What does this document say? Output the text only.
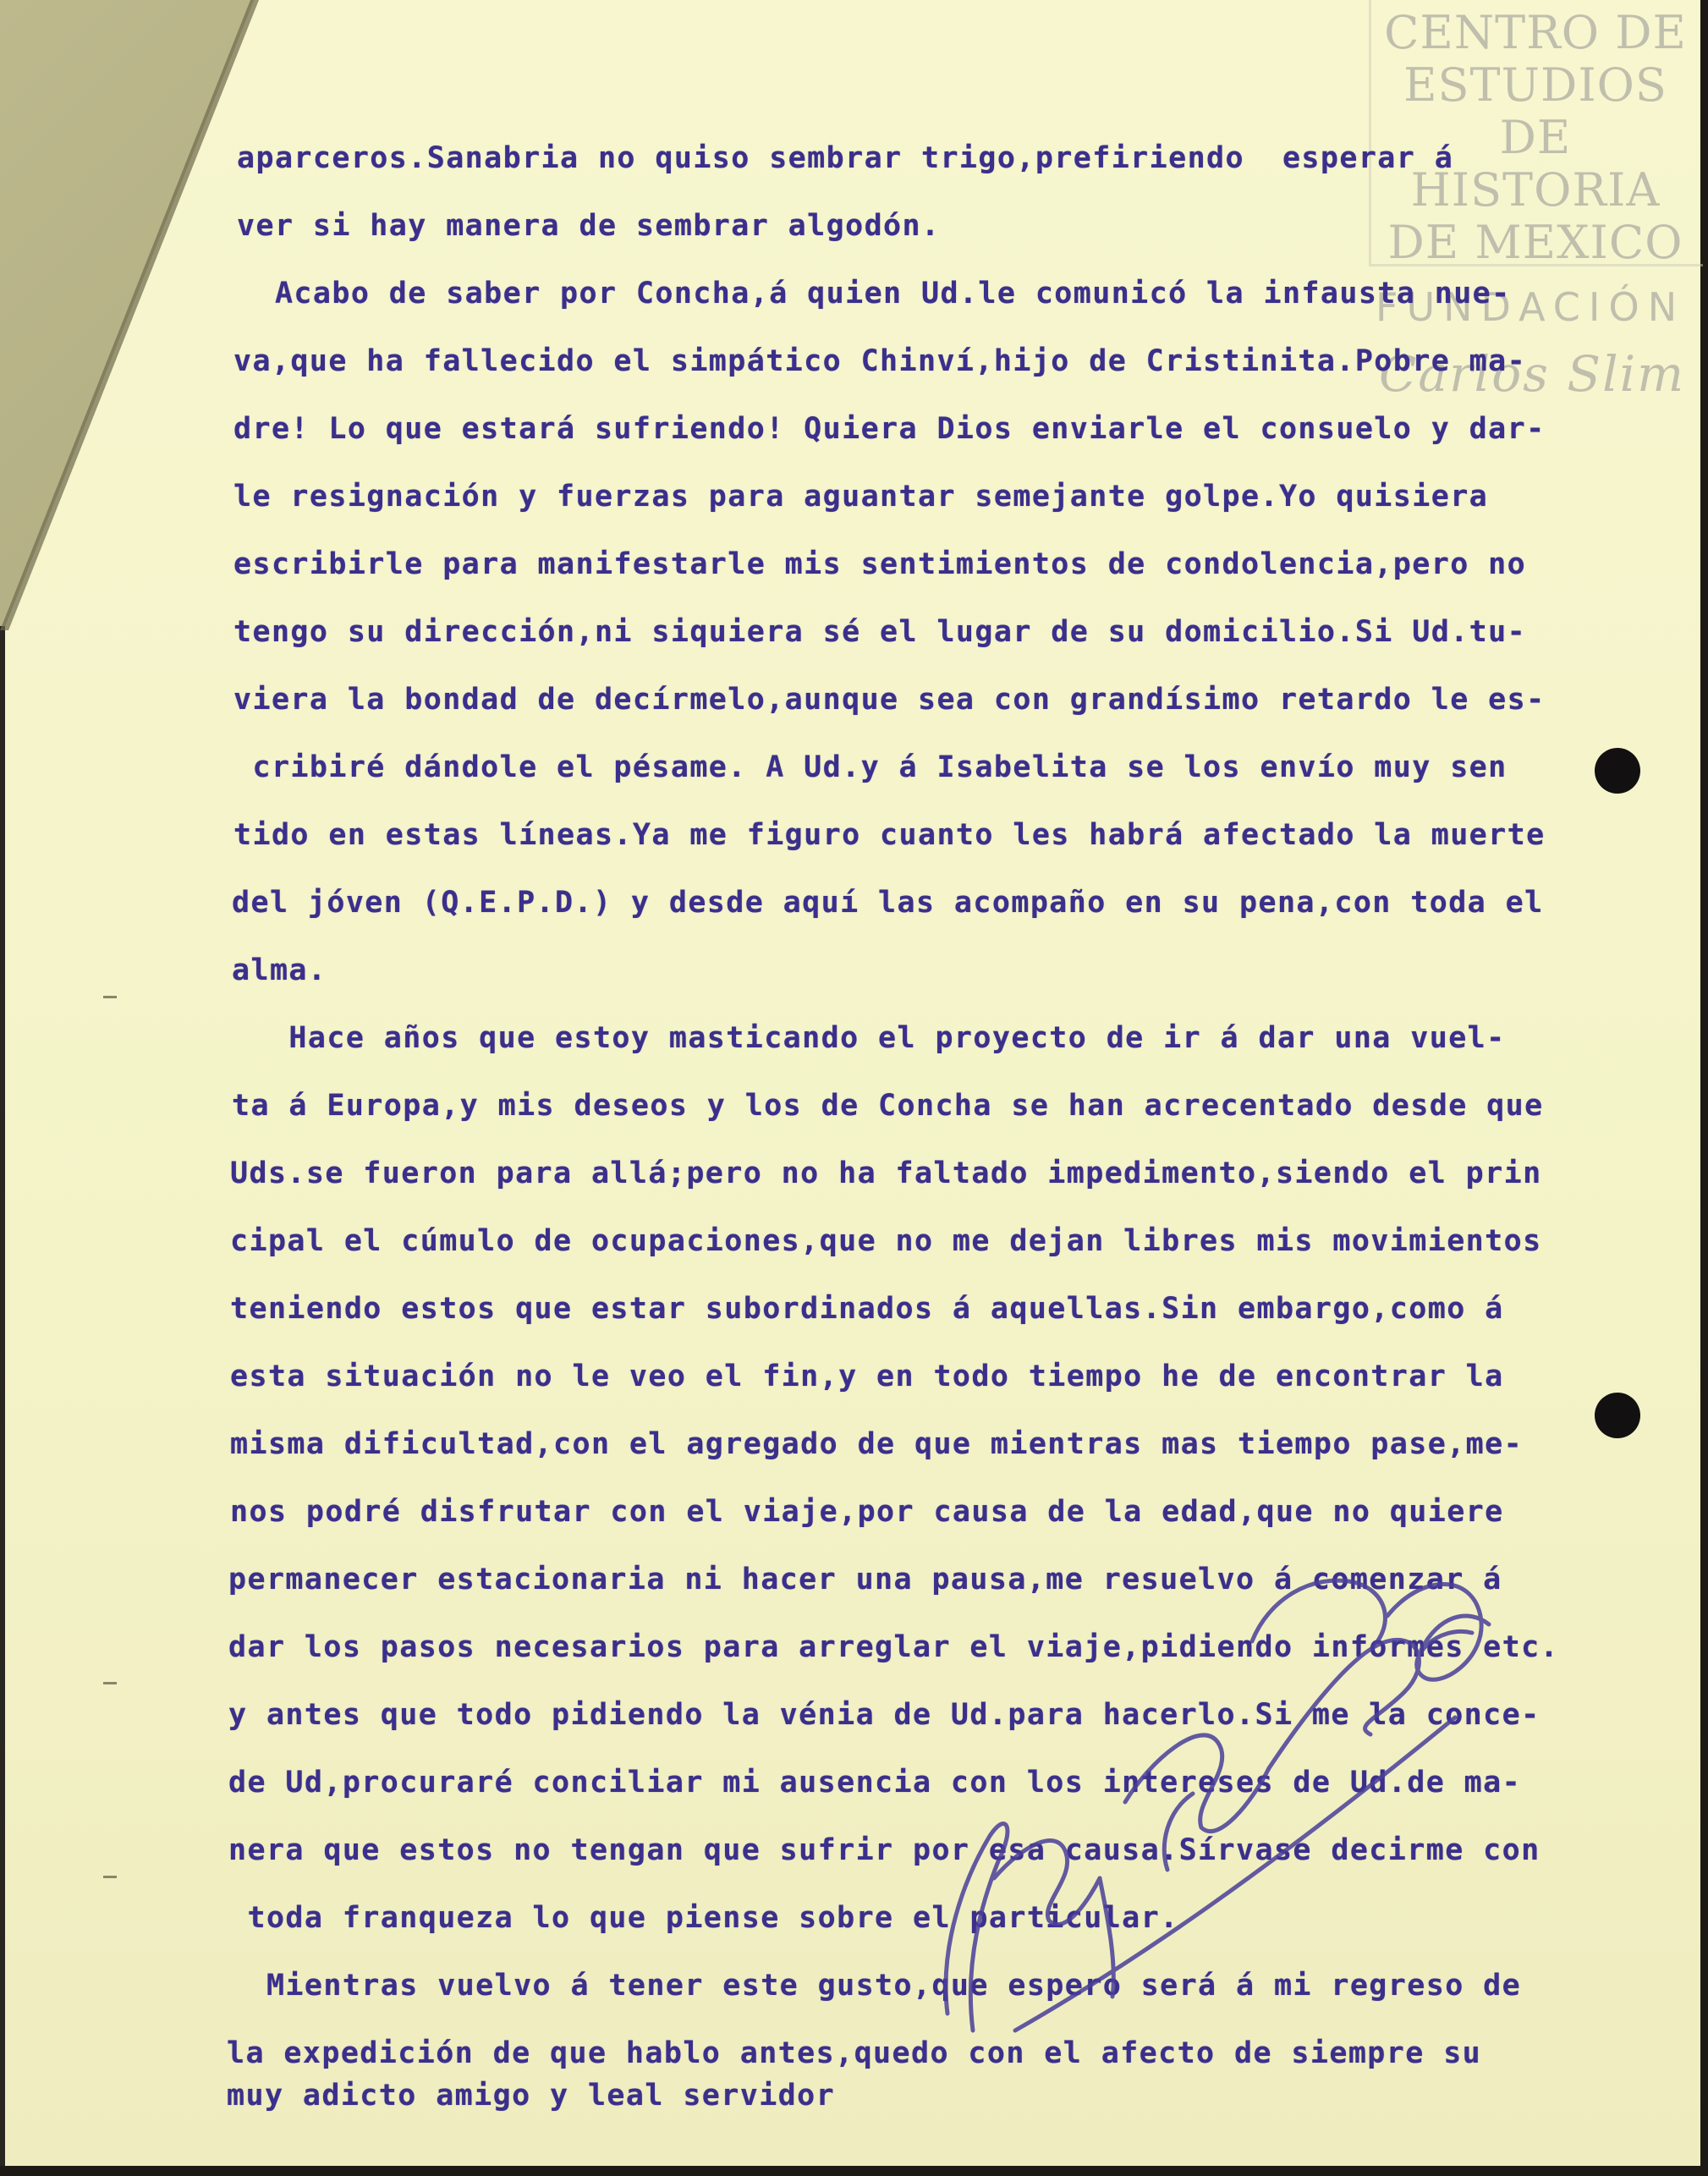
CENTRO DE
ESTUDIOS
DE HISTORIA
DE MEXICO
FUNDACIÓN
Carlos Slim
aparceros.Sanabria no quiso sembrar trigo,prefiriendo  esperar á
ver si hay manera de sembrar algodón.
Acabo de saber por Concha,á quien Ud.le comunicó la infausta nue-
va,que ha fallecido el simpático Chinví,hijo de Cristinita.Pobre ma-
dre! Lo que estará sufriendo! Quiera Dios enviarle el consuelo y dar-
le resignación y fuerzas para aguantar semejante golpe.Yo quisiera
escribirle para manifestarle mis sentimientos de condolencia,pero no
tengo su dirección,ni siquiera sé el lugar de su domicilio.Si Ud.tu-
viera la bondad de decírmelo,aunque sea con grandísimo retardo le es-
cribiré dándole el pésame. A Ud.y á Isabelita se los envío muy sen
tido en estas líneas.Ya me figuro cuanto les habrá afectado la muerte
del jóven (Q.E.P.D.) y desde aquí las acompaño en su pena,con toda el
alma.
Hace años que estoy masticando el proyecto de ir á dar una vuel-
ta á Europa,y mis deseos y los de Concha se han acrecentado desde que
Uds.se fueron para allá;pero no ha faltado impedimento,siendo el prin
cipal el cúmulo de ocupaciones,que no me dejan libres mis movimientos
teniendo estos que estar subordinados á aquellas.Sin embargo,como á
esta situación no le veo el fin,y en todo tiempo he de encontrar la
misma dificultad,con el agregado de que mientras mas tiempo pase,me-
nos podré disfrutar con el viaje,por causa de la edad,que no quiere
permanecer estacionaria ni hacer una pausa,me resuelvo á comenzar á
dar los pasos necesarios para arreglar el viaje,pidiendo informes etc.
y antes que todo pidiendo la vénia de Ud.para hacerlo.Si me la conce-
de Ud,procuraré conciliar mi ausencia con los intereses de Ud.de ma-
nera que estos no tengan que sufrir por esa causa.Sírvase decirme con
toda franqueza lo que piense sobre el particular.
Mientras vuelvo á tener este gusto,que espero será á mi regreso de
la expedición de que hablo antes,quedo con el afecto de siempre su
muy adicto amigo y leal servidor
